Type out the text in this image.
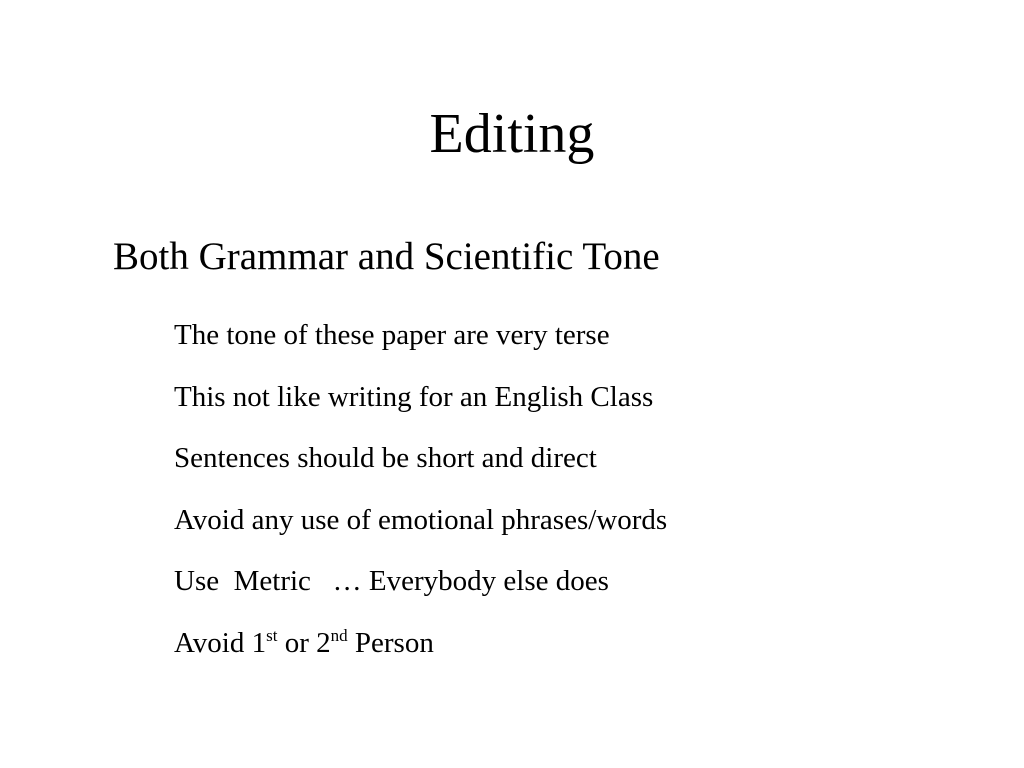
Editing
Both Grammar and Scientific Tone
The tone of these paper are very terse
This not like writing for an English Class
Sentences should be short and direct
Avoid any use of emotional phrases/words
Use  Metric   … Everybody else does
Avoid 1st or 2nd Person
